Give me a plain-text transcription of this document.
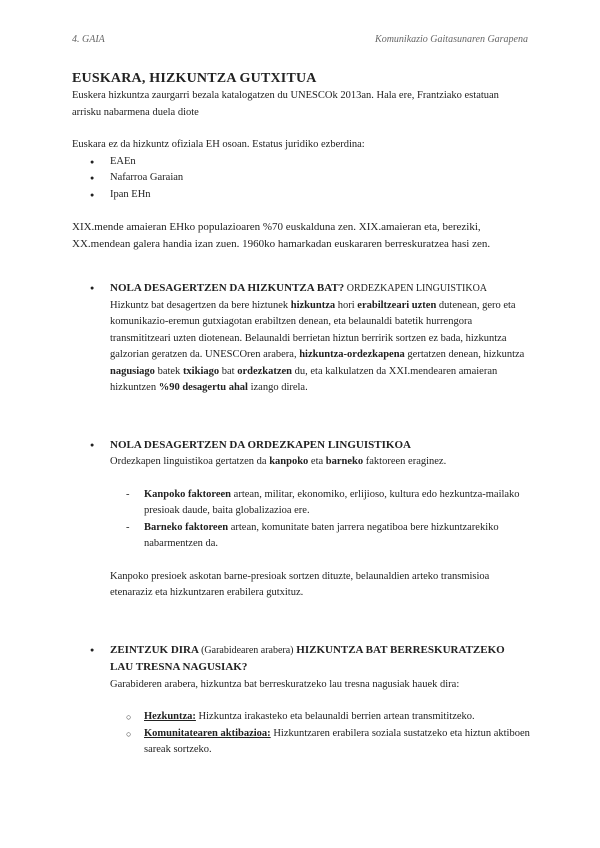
4. GAIA	Komunikazio Gaitasunaren Garapena
EUSKARA, HIZKUNTZA GUTXITUA

Euskera hizkuntza zaurgarri bezala katalogatzen du UNESCOk 2013an. Hala ere, Frantziako estatuan arrisku nabarmena duela diote

Euskara ez da hizkuntz ofiziala EH osoan. Estatus juridiko ezberdina:

● EAEn
● Nafarroa Garaian
● Ipan EHn

XIX.mende amaieran EHko populazioaren %70 euskalduna zen. XIX.amaieran eta, bereziki, XX.mendean galera handia izan zuen. 1960ko hamarkadan euskararen berreskuratzea hasi zen.

● NOLA DESAGERTZEN DA HIZKUNTZA BAT? ORDEZKAPEN LINGUISTIKOA

Hizkuntz bat desagertzen da bere hiztunek hizkuntza hori erabiltzeari uzten dutenean, gero eta komunikazio-eremun gutxiagotan erabiltzen denean, eta belaunaldi batetik hurrengora transmititzeari uzten diotenean. Belaunaldi berrietan hiztun berririk sortzen ez bada, hizkuntza galzorian geratzen da. UNESCOren arabera, hizkuntza-ordezkapena gertatzen denean, hizkuntza nagusiago batek txikiago bat ordezkatzen du, eta kalkulatzen da XXI.mendearen amaieran hizkuntzen %90 desagertu ahal izango direla.

● NOLA DESAGERTZEN DA ORDEZKAPEN LINGUISTIKOA

Ordezkapen linguistikoa gertatzen da kanpoko eta barneko faktoreen eraginez.

- Kanpoko faktoreen artean, militar, ekonomiko, erlijioso, kultura edo hezkuntza-mailako presioak daude, baita globalizazioa ere.
- Barneko faktoreen artean, komunitate baten jarrera negatiboa bere hizkuntzarekiko nabarmentzen da.

Kanpoko presioek askotan barne-presioak sortzen dituzte, belaunaldien arteko transmisioa etenaraziz eta hizkuntzaren erabilera gutxituz.

● ZEINTZUK DIRA (Garabidearen arabera) HIZKUNTZA BAT BERRESKURATZEKO LAU TRESNA NAGUSIAK?

Garabideren arabera, hizkuntza bat berreskuratzeko lau tresna nagusiak hauek dira:

○ Hezkuntza: Hizkuntza irakasteko eta belaunaldi berrien artean transmititzeko.
○ Komunitatearen aktibazioa: Hizkuntzaren erabilera soziala sustatzeko eta hiztun aktiboen sareak sortzeko.
